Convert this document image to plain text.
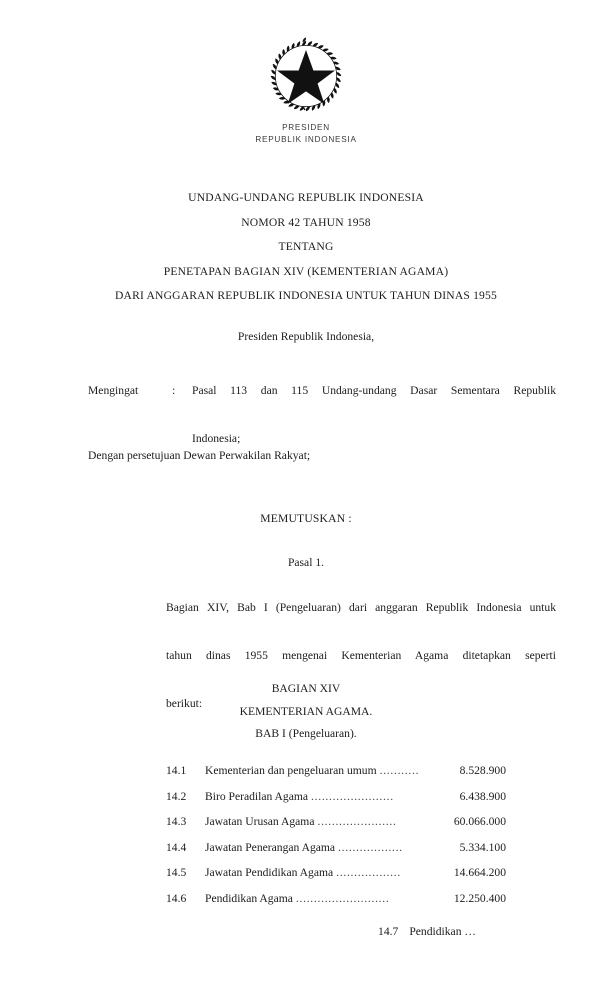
PRESIDEN
REPUBLIK INDONESIA
UNDANG-UNDANG REPUBLIK INDONESIA
NOMOR 42 TAHUN 1958
TENTANG
PENETAPAN BAGIAN XIV (KEMENTERIAN AGAMA)
DARI ANGGARAN REPUBLIK INDONESIA UNTUK TAHUN DINAS 1955
Presiden Republik Indonesia,
Mengingat	:	Pasal 113 dan 115 Undang-undang Dasar Sementara Republik
Indonesia;
Dengan persetujuan Dewan Perwakilan Rakyat;
MEMUTUSKAN :
Pasal 1.
Bagian XIV, Bab I (Pengeluaran) dari anggaran Republik Indonesia untuk
tahun dinas 1955 mengenai Kementerian Agama ditetapkan seperti
berikut:
BAGIAN XIV
KEMENTERIAN AGAMA.
BAB I (Pengeluaran).
14.1	Kementerian dan pengeluaran umum ...........	8.528.900
14.2	Biro Peradilan Agama .......................	6.438.900
14.3	Jawatan Urusan Agama ......................	60.066.000
14.4	Jawatan Penerangan Agama ..................	5.334.100
14.5	Jawatan Pendidikan Agama ..................	14.664.200
14.6	Pendidikan Agama ..........................	12.250.400
14.7 Pendidikan …
